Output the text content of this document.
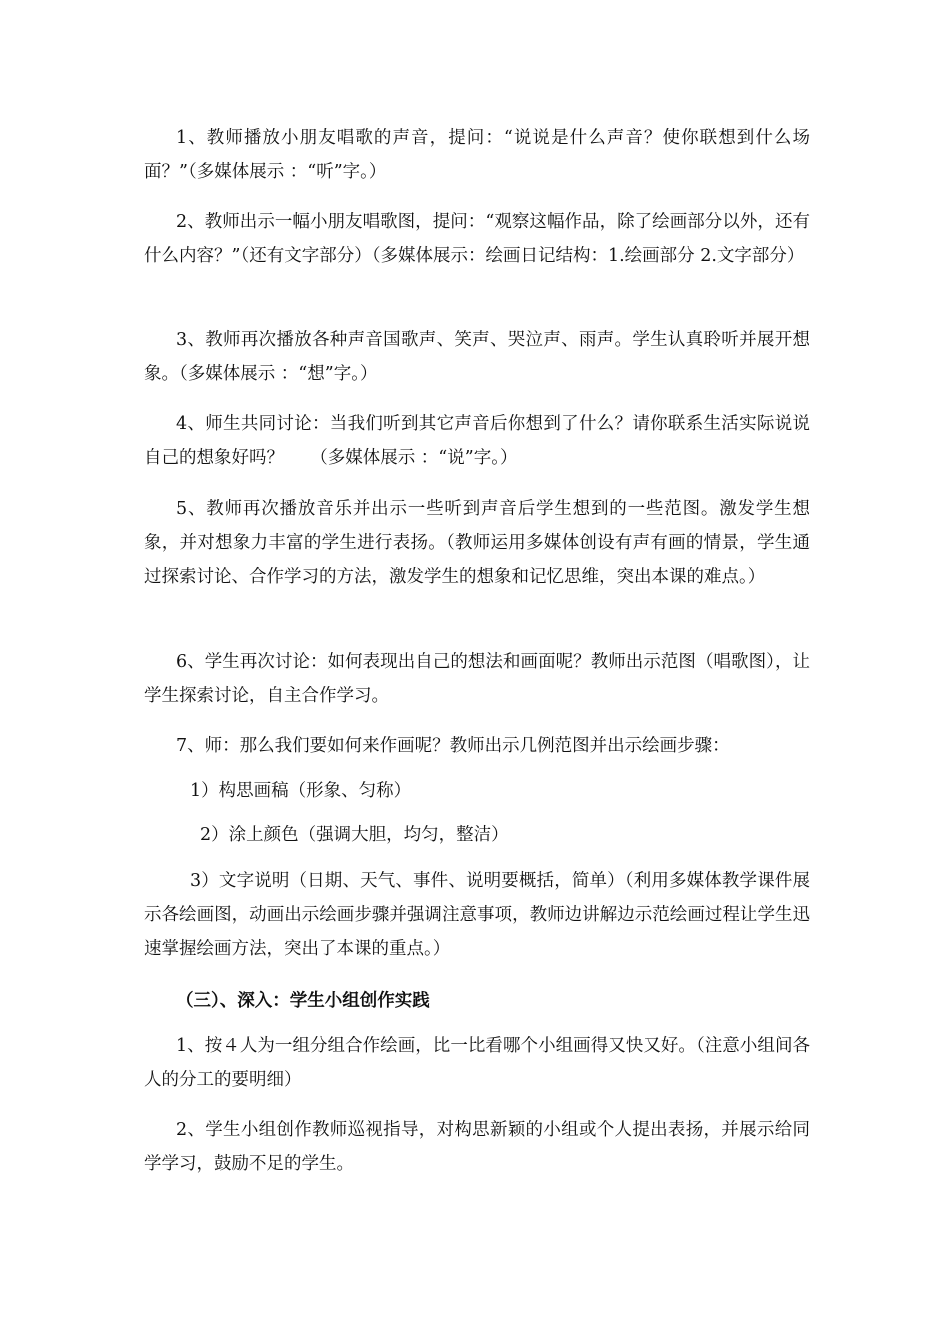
1、教师播放小朋友唱歌的声音，提问：“说说是什么声音？使你联想到什么场面？”（多媒体展示 ：“听”字。）

2、教师出示一幅小朋友唱歌图，提问：“观察这幅作品，除了绘画部分以外，还有什么内容？”（还有文字部分）（多媒体展示：绘画日记结构：1.绘画部分 2.文字部分）

3、教师再次播放各种声音国歌声、笑声、哭泣声、雨声。学生认真聆听并展开想象。（多媒体展示 ：“想”字。）

4、师生共同讨论：当我们听到其它声音后你想到了什么？请你联系生活实际说说自己的想象好吗？　　（多媒体展示 ：“说”字。）

5、教师再次播放音乐并出示一些听到声音后学生想到的一些范图。激发学生想象，并对想象力丰富的学生进行表扬。（教师运用多媒体创设有声有画的情景，学生通过探索讨论、合作学习的方法，激发学生的想象和记忆思维，突出本课的难点。）

6、学生再次讨论：如何表现出自己的想法和画面呢？教师出示范图（唱歌图），让学生探索讨论，自主合作学习。

7、师：那么我们要如何来作画呢？教师出示几例范图并出示绘画步骤：

1）构思画稿（形象、匀称）

2）涂上颜色（强调大胆，均匀，整洁）

3）文字说明（日期、天气、事件、说明要概括，简单）（利用多媒体教学课件展示各绘画图，动画出示绘画步骤并强调注意事项，教师边讲解边示范绘画过程让学生迅速掌握绘画方法，突出了本课的重点。）

（三）、深入：学生小组创作实践

1、按４人为一组分组合作绘画，比一比看哪个小组画得又快又好。（注意小组间各人的分工的要明细）

2、学生小组创作教师巡视指导，对构思新颖的小组或个人提出表扬，并展示给同学学习，鼓励不足的学生。
